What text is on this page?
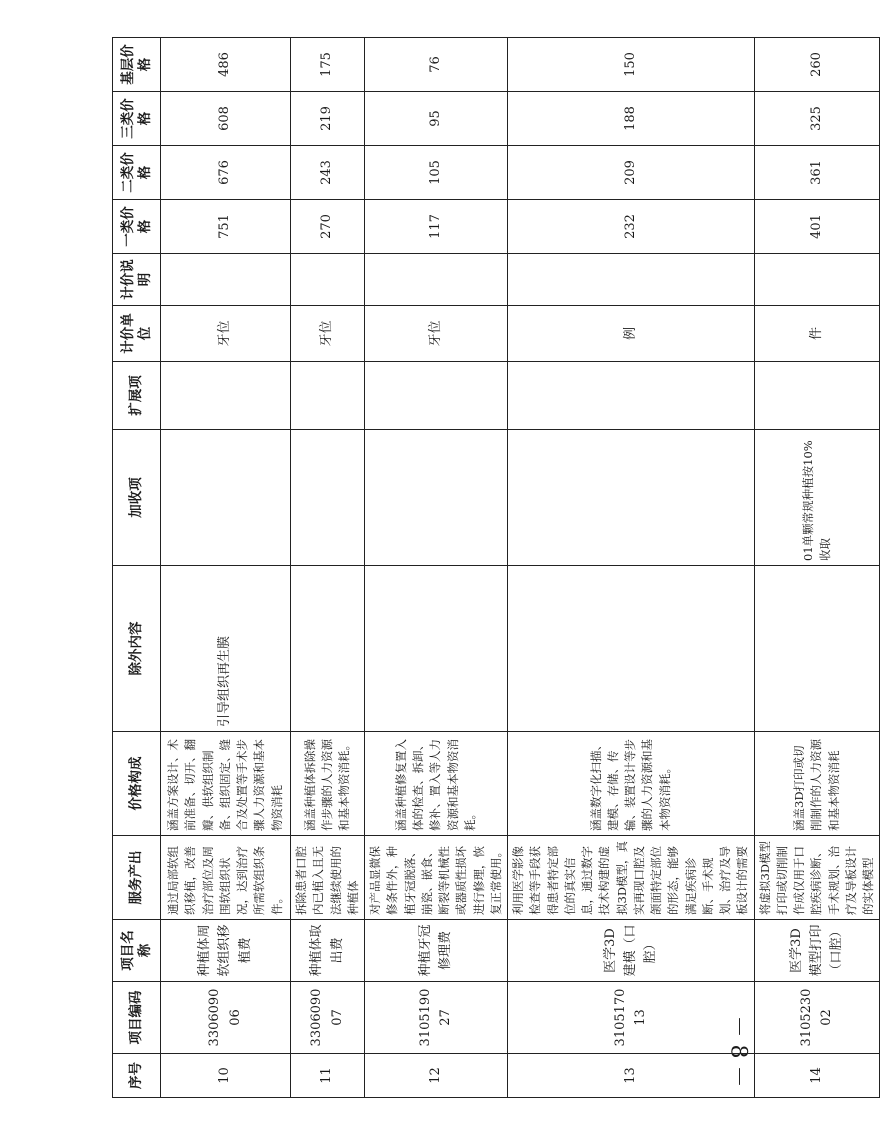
－ 8 －
序号	项目编码	项目名称	服务产出	价格构成	除外内容	加收项	扩展项	计价单位	计价说明	一类价格	二类价格	三类价格	基层价格
10	330609006	种植体周软组织移植费	通过局部软组织移植，改善治疗部位及周围软组织状况，达到治疗所需软组织条件。	涵盖方案设计、术前准备、切开、翻瓣、供软组织制备、组织固定、缝合及处置等手术步骤人力资源和基本物资消耗	引导组织再生膜			牙位		751	676	608	486
11	330609007	种植体取出费	拆除患者口腔内已植入且无法继续使用的种植体	涵盖种植体拆除操作步骤的人力资源和基本物资消耗。				牙位		270	243	219	175
12	310519027	种植牙冠修理费	对产品显微保修条件外，种植牙冠脱落、崩瓷、嵌食、断裂等机械性或器质性损坏进行修理，恢复正常使用。	涵盖种植修复置入体的检查、拆卸、修补、置入等人力资源和基本物资消耗。				牙位		117	105	95	76
13	310517013	医学3D建模（口腔）	利用医学影像检查等手段获得患者特定部位的真实信息，通过数字技术构建的虚拟3D模型，真实再现口腔及颌面特定部位的形态，能够满足疾病诊断、手术规划、治疗及导板设计的需要	涵盖数字化扫描、建模、存储、传输、装置设计等步骤的人力资源和基本物资消耗。				例		232	209	188	150
14	310523002	医学3D模型打印（口腔）	将虚拟3D模型打印或切削制作成仅用于口腔疾病诊断、手术规划、治疗及导板设计的实体模型	涵盖3D打印或切削制作的人力资源和基本物资消耗		01单颗常规种植按10%收取		件		401	361	325	260
